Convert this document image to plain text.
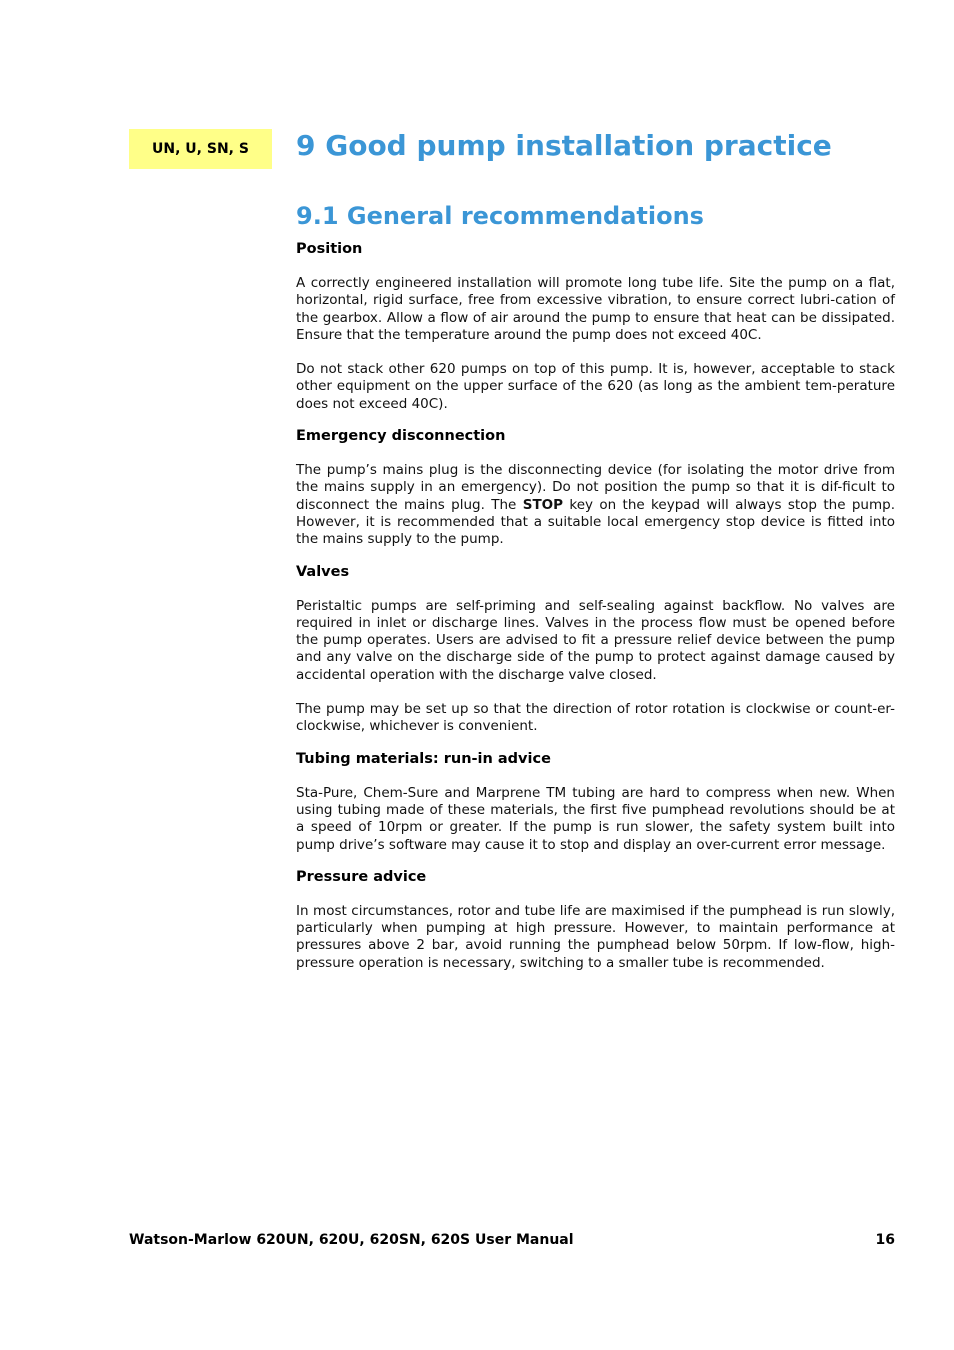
UN, U, SN, S	9 Good pump installation practice
9.1 General recommendations
Position

A correctly engineered installation will promote long tube life. Site the pump on a flat, horizontal, rigid surface, free from excessive vibration, to ensure correct lubri-cation of the gearbox. Allow a flow of air around the pump to ensure that heat can be dissipated. Ensure that the temperature around the pump does not exceed 40C.

Do not stack other 620 pumps on top of this pump. It is, however, acceptable to stack other equipment on the upper surface of the 620 (as long as the ambient tem-perature does not exceed 40C).

Emergency disconnection

The pump’s mains plug is the disconnecting device (for isolating the motor drive from the mains supply in an emergency). Do not position the pump so that it is dif-ficult to disconnect the mains plug. The STOP key on the keypad will always stop the pump. However, it is recommended that a suitable local emergency stop device is fitted into the mains supply to the pump.

Valves

Peristaltic pumps are self-priming and self-sealing against backflow. No valves are required in inlet or discharge lines. Valves in the process flow must be opened before the pump operates. Users are advised to fit a pressure relief device between the pump and any valve on the discharge side of the pump to protect against damage caused by accidental operation with the discharge valve closed.

The pump may be set up so that the direction of rotor rotation is clockwise or count-er-clockwise, whichever is convenient.

Tubing materials: run-in advice

Sta-Pure, Chem-Sure and Marprene TM tubing are hard to compress when new. When using tubing made of these materials, the first five pumphead revolutions should be at a speed of 10rpm or greater. If the pump is run slower, the safety system built into pump drive’s software may cause it to stop and display an over-current error message.

Pressure advice

In most circumstances, rotor and tube life are maximised if the pumphead is run slowly, particularly when pumping at high pressure. However, to maintain performance at pressures above 2 bar, avoid running the pumphead below 50rpm. If low-flow, high-pressure operation is necessary, switching to a smaller tube is recommended.

Watson-Marlow 620UN, 620U, 620SN, 620S User Manual	16
